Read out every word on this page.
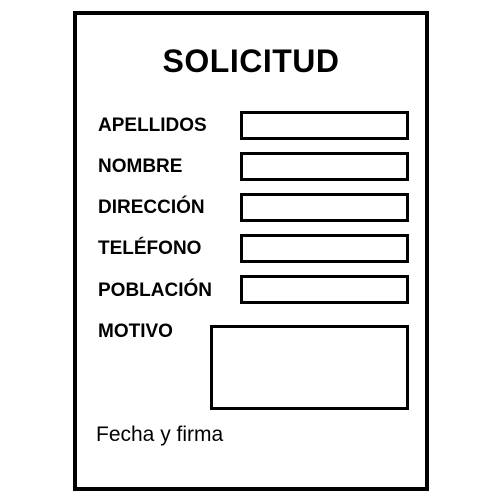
SOLICITUD
APELLIDOS
NOMBRE
DIRECCIÓN
TELÉFONO
POBLACIÓN
MOTIVO
Fecha y firma
